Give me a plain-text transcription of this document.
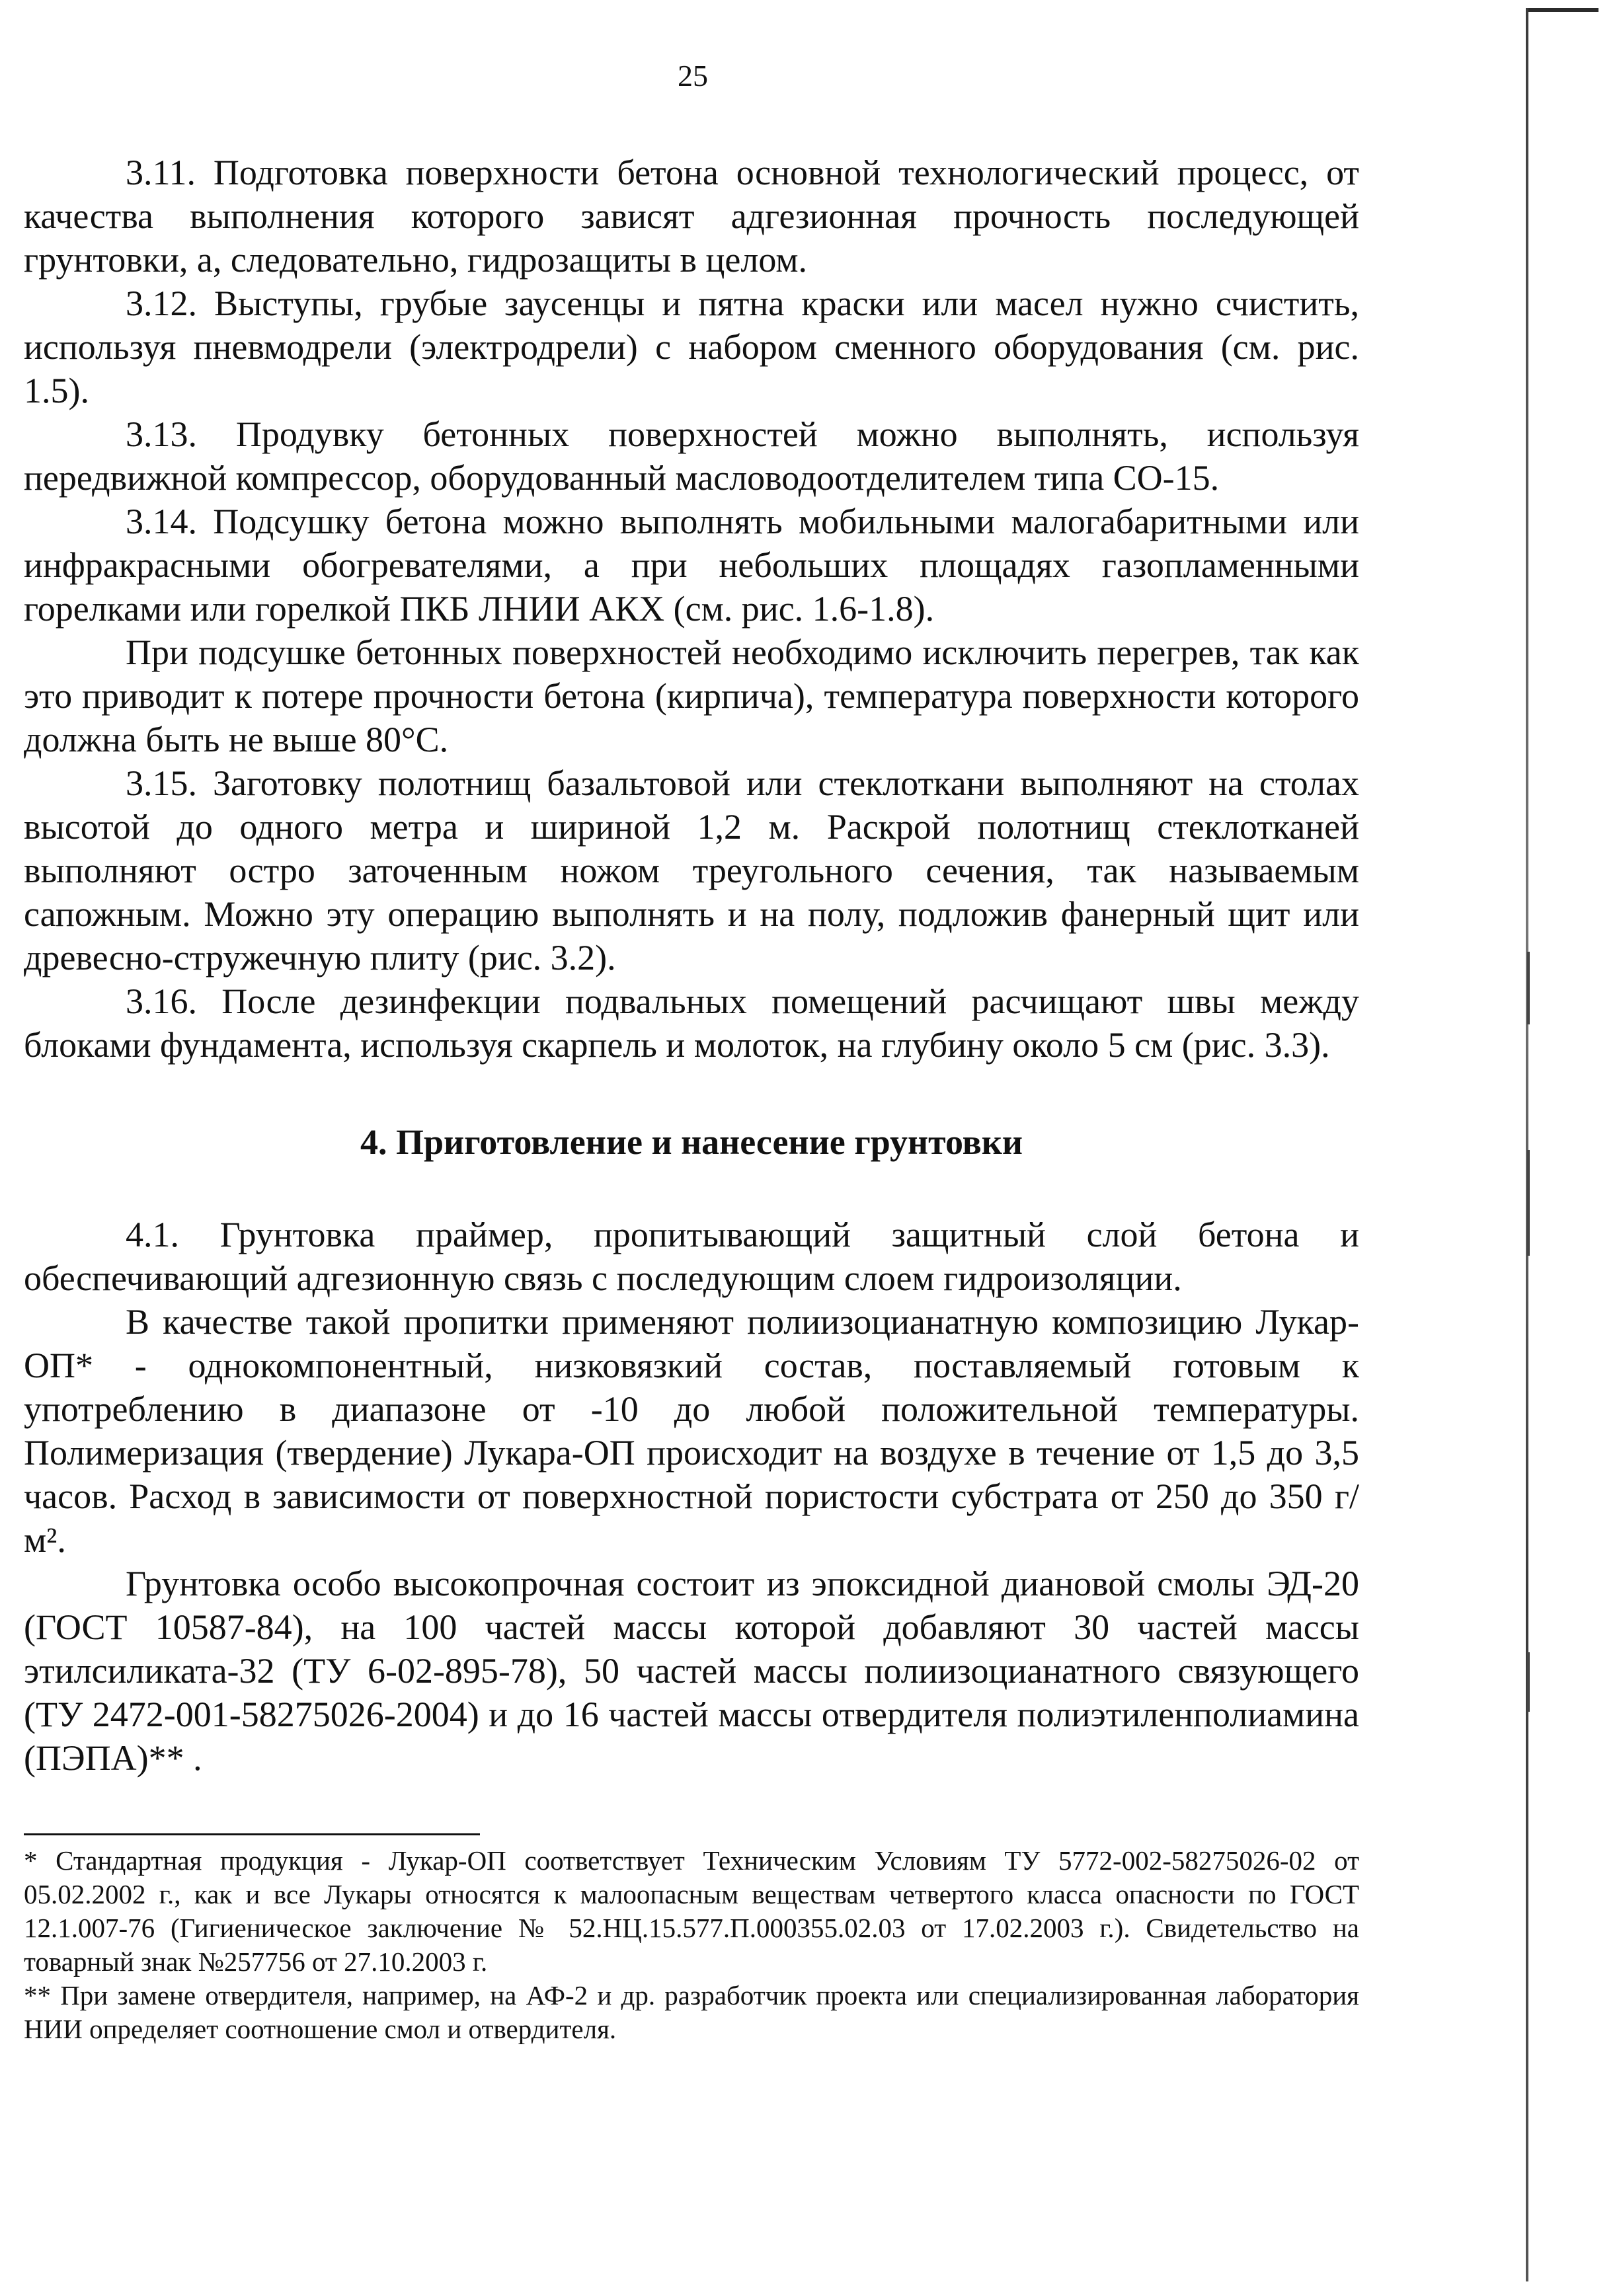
25

3.11. Подготовка поверхности бетона основной технологический процесс, от качества выполнения которого зависят адгезионная прочность последующей грунтовки, а, следовательно, гидрозащиты в целом.

3.12. Выступы, грубые заусенцы и пятна краски или масел нужно счистить, используя пневмодрели (электродрели) с набором сменного оборудования (см. рис. 1.5).

3.13. Продувку бетонных поверхностей можно выполнять, используя передвижной компрессор, оборудованный масловодоотделителем типа СО-15.

3.14. Подсушку бетона можно выполнять мобильными малогабаритными или инфракрасными обогревателями, а при небольших площадях газопламенными горелками или горелкой ПКБ ЛНИИ АКХ (см. рис. 1.6-1.8).

При подсушке бетонных поверхностей необходимо исключить перегрев, так как это приводит к потере прочности бетона (кирпича), температура поверхности которого должна быть не выше 80°С.

3.15. Заготовку полотнищ базальтовой или стеклоткани выполняют на столах высотой до одного метра и шириной 1,2 м. Раскрой полотнищ стеклотканей выполняют остро заточенным ножом треугольного сечения, так называемым сапожным. Можно эту операцию выполнять и на полу, подложив фанерный щит или древесно-стружечную плиту (рис. 3.2).

3.16. После дезинфекции подвальных помещений расчищают швы между блоками фундамента, используя скарпель и молоток, на глубину около 5 см (рис. 3.3).

4. Приготовление и нанесение грунтовки

4.1. Грунтовка праймер, пропитывающий защитный слой бетона и обеспечивающий адгезионную связь с последующим слоем гидроизоляции.

В качестве такой пропитки применяют полиизоцианатную композицию Лукар-ОП* - однокомпонентный, низковязкий состав, поставляемый готовым к употреблению в диапазоне от -10 до любой положительной температуры. Полимеризация (твердение) Лукара-ОП происходит на воздухе в течение от 1,5 до 3,5 часов. Расход в зависимости от поверхностной пористости субстрата от 250 до 350 г/м².

Грунтовка особо высокопрочная состоит из эпоксидной диановой смолы ЭД-20 (ГОСТ 10587-84), на 100 частей массы которой добавляют 30 частей массы этилсиликата-32 (ТУ 6-02-895-78), 50 частей массы полиизоцианатного связующего (ТУ 2472-001-58275026-2004) и до 16 частей массы отвердителя полиэтиленполиамина (ПЭПА)** .

* Стандартная продукция - Лукар-ОП соответствует Техническим Условиям ТУ 5772-002-58275026-02 от 05.02.2002 г., как и все Лукары относятся к малоопасным веществам четвертого класса опасности по ГОСТ 12.1.007-76 (Гигиеническое заключение № 52.НЦ.15.577.П.000355.02.03 от 17.02.2003 г.). Свидетельство на товарный знак №257756 от 27.10.2003 г.

** При замене отвердителя, например, на АФ-2 и др. разработчик проекта или специализированная лаборатория НИИ определяет соотношение смол и отвердителя.
